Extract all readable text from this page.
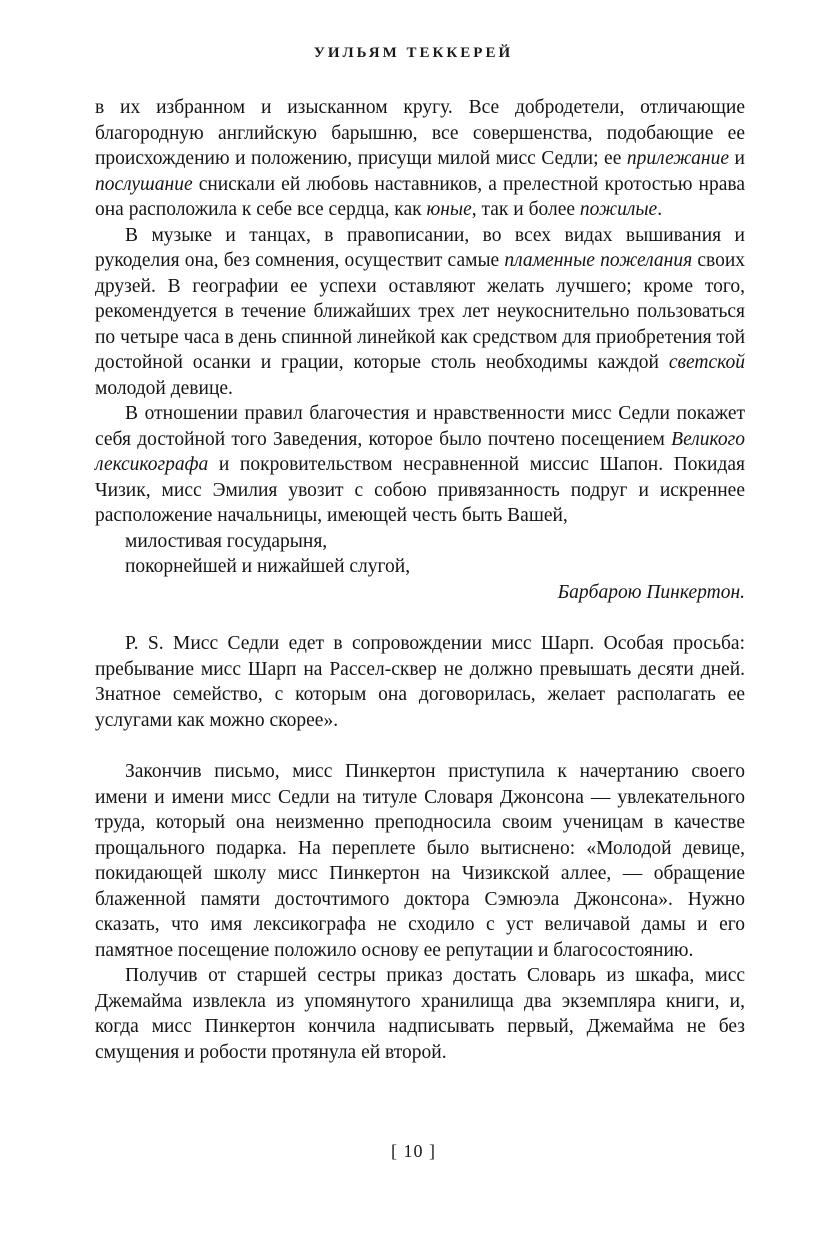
УИЛЬЯМ ТЕККЕРЕЙ

в их избранном и изысканном кругу. Все добродетели, отличающие благородную английскую барышню, все совершенства, подобающие ее происхождению и положению, присущи милой мисс Седли; ее прилежание и послушание снискали ей любовь наставников, а прелестной кротостью нрава она расположила к себе все сердца, как юные, так и более пожилые.

В музыке и танцах, в правописании, во всех видах вышивания и рукоделия она, без сомнения, осуществит самые пламенные пожелания своих друзей. В географии ее успехи оставляют желать лучшего; кроме того, рекомендуется в течение ближайших трех лет неукоснительно пользоваться по четыре часа в день спинной линейкой как средством для приобретения той достойной осанки и грации, которые столь необходимы каждой светской молодой девице.

В отношении правил благочестия и нравственности мисс Седли покажет себя достойной того Заведения, которое было почтено посещением Великого лексикографа и покровительством несравненной миссис Шапон. Покидая Чизик, мисс Эмилия увозит с собою привязанность подруг и искреннее расположение начальницы, имеющей честь быть Вашей,

милостивая государыня,

покорнейшей и нижайшей слугой,

Барбарою Пинкертон.

P. S. Мисс Седли едет в сопровождении мисс Шарп. Особая просьба: пребывание мисс Шарп на Рассел-сквер не должно превышать десяти дней. Знатное семейство, с которым она договорилась, желает располагать ее услугами как можно скорее».

Закончив письмо, мисс Пинкертон приступила к начертанию своего имени и имени мисс Седли на титуле Словаря Джонсона — увлекательного труда, который она неизменно преподносила своим ученицам в качестве прощального подарка. На переплете было вытиснено: «Молодой девице, покидающей школу мисс Пинкертон на Чизикской аллее, — обращение блаженной памяти досточтимого доктора Сэмюэла Джонсона». Нужно сказать, что имя лексикографа не сходило с уст величавой дамы и его памятное посещение положило основу ее репутации и благосостоянию.

Получив от старшей сестры приказ достать Словарь из шкафа, мисс Джемайма извлекла из упомянутого хранилища два экземпляра книги, и, когда мисс Пинкертон кончила надписывать первый, Джемайма не без смущения и робости протянула ей второй.

[ 10 ]
